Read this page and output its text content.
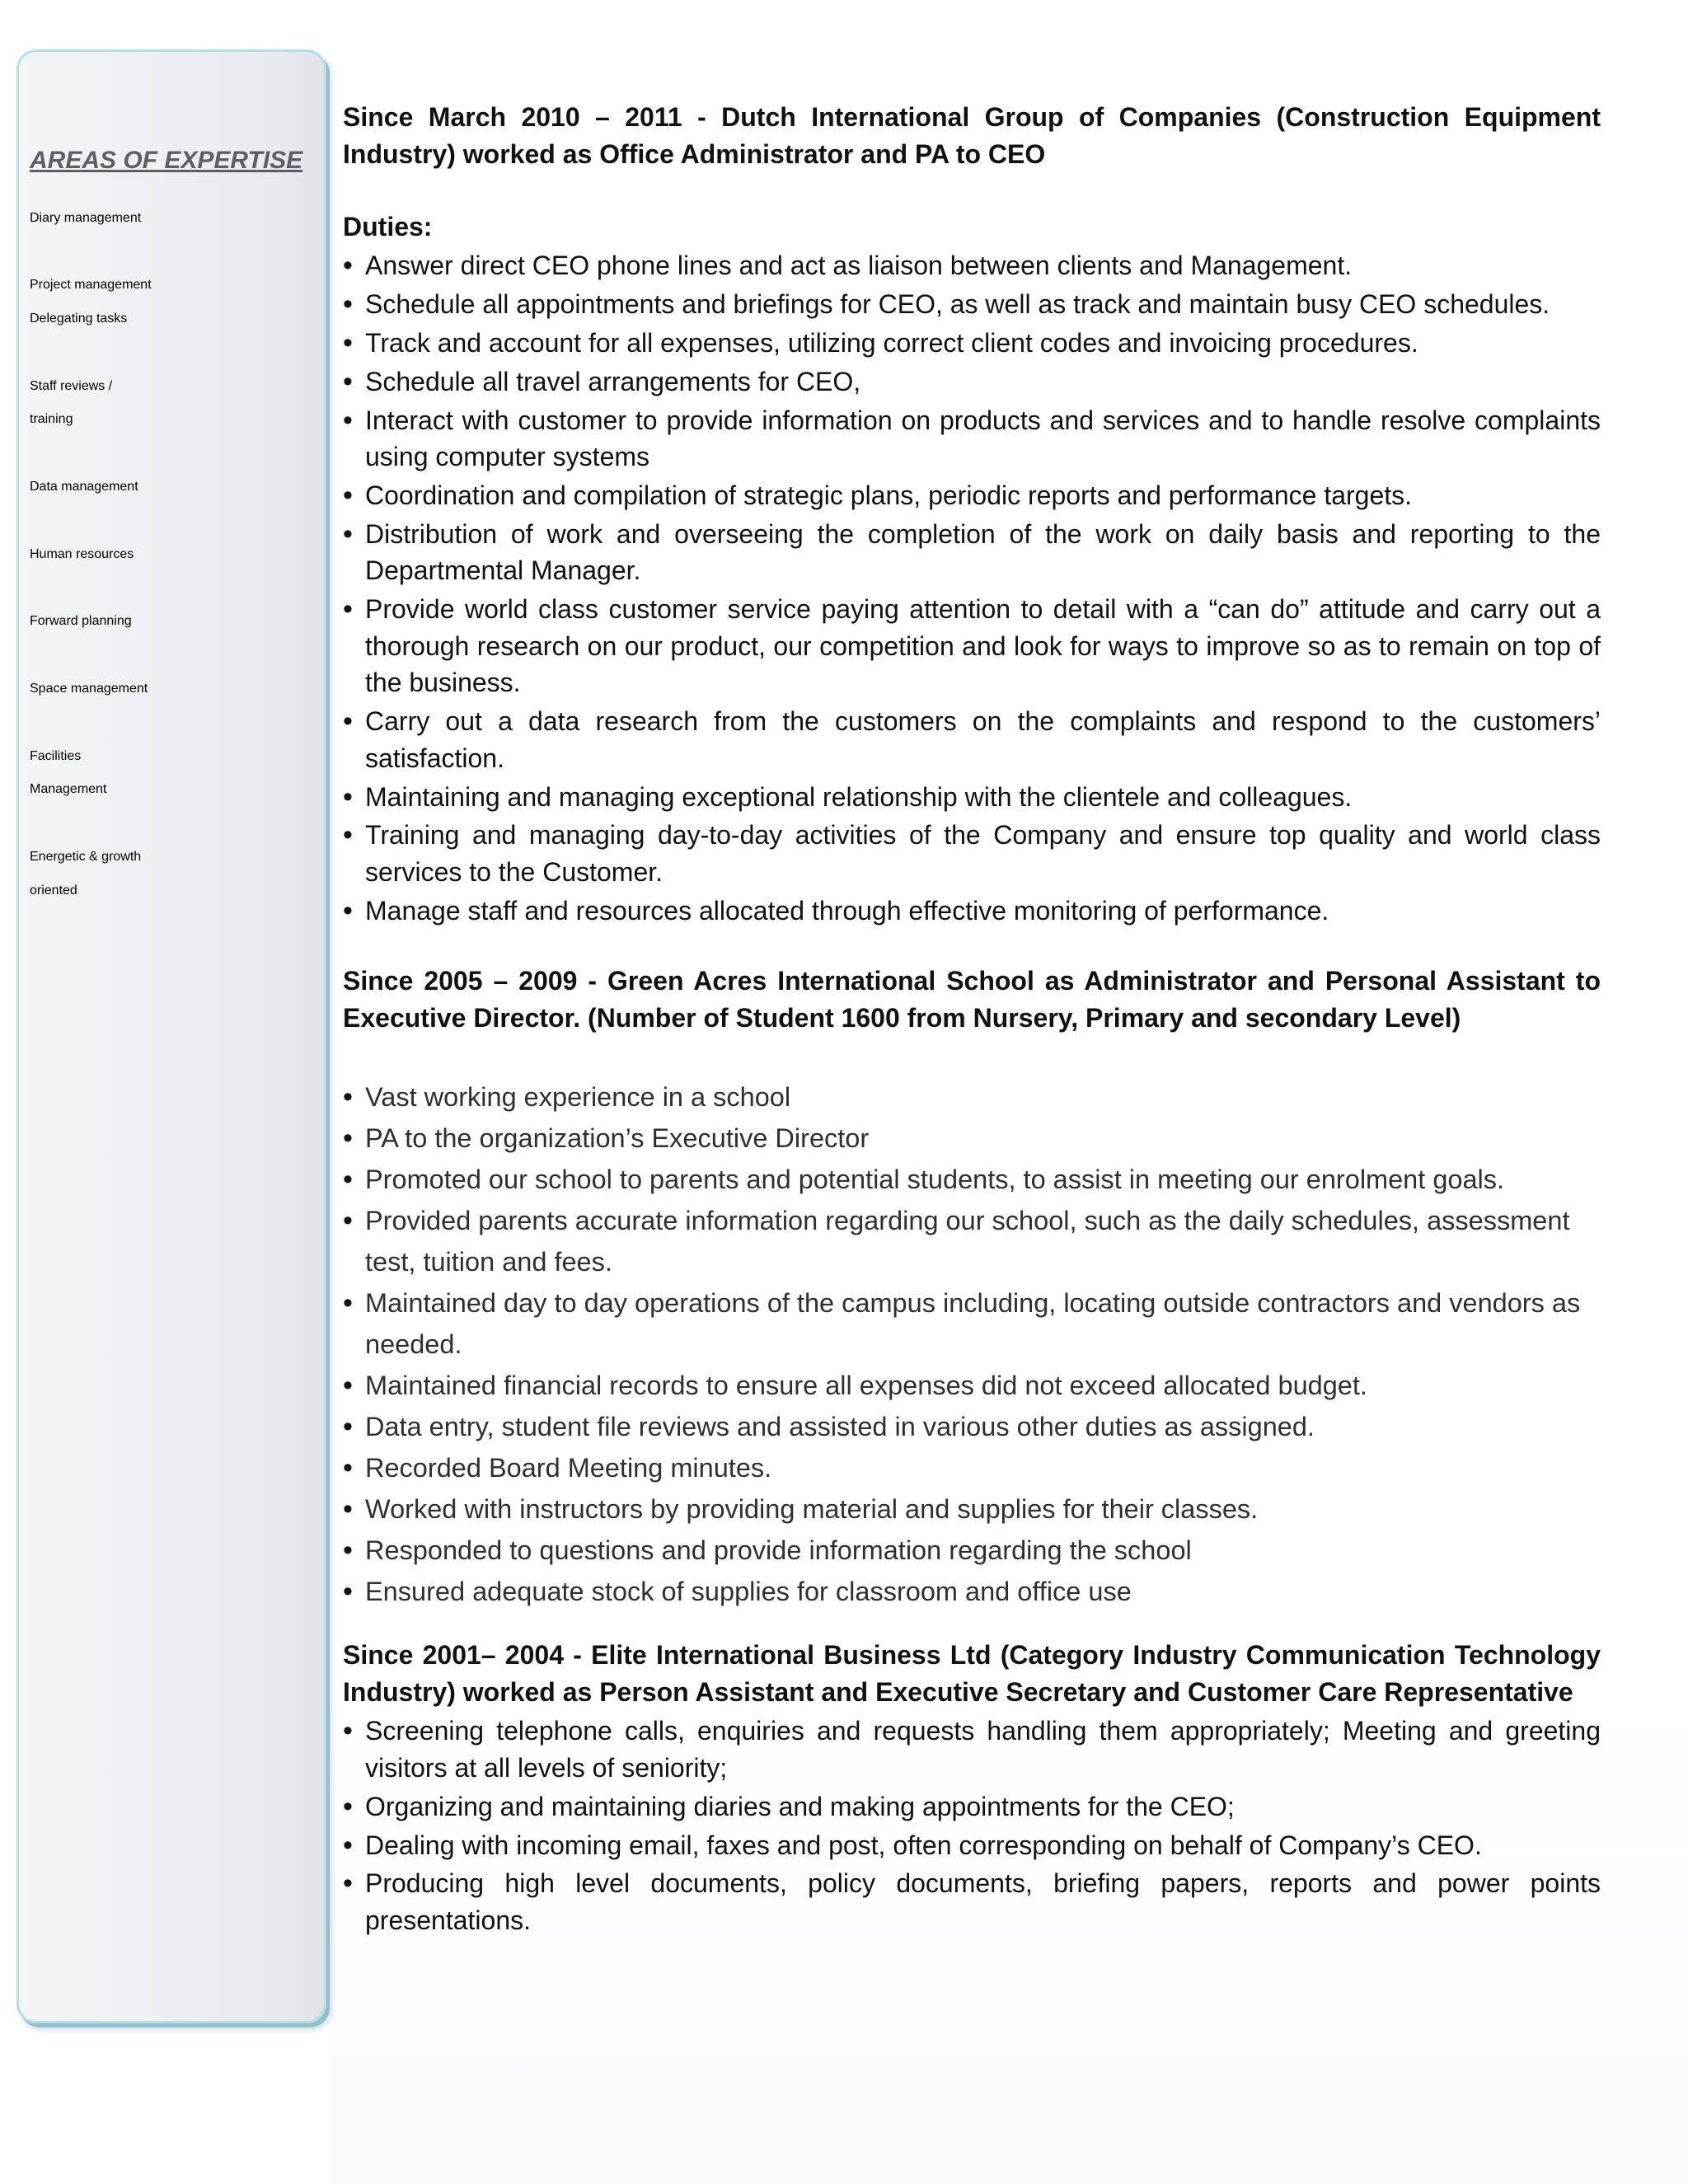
AREAS OF EXPERTISE
Diary management
Project management
Delegating tasks
Staff reviews /
training
Data management
Human resources
Forward planning
Space management
Facilities
Management
Energetic & growth
oriented

Since March 2010 – 2011 - Dutch International Group of Companies (Construction Equipment Industry) worked as Office Administrator and PA to CEO

Duties:
• Answer direct CEO phone lines and act as liaison between clients and Management.
• Schedule all appointments and briefings for CEO, as well as track and maintain busy CEO schedules.
• Track and account for all expenses, utilizing correct client codes and invoicing procedures.
• Schedule all travel arrangements for CEO,
• Interact with customer to provide information on products and services and to handle resolve complaints using computer systems
• Coordination and compilation of strategic plans, periodic reports and performance targets.
• Distribution of work and overseeing the completion of the work on daily basis and reporting to the Departmental Manager.
• Provide world class customer service paying attention to detail with a “can do” attitude and carry out a thorough research on our product, our competition and look for ways to improve so as to remain on top of the business.
• Carry out a data research from the customers on the complaints and respond to the customers’ satisfaction.
• Maintaining and managing exceptional relationship with the clientele and colleagues.
• Training and managing day-to-day activities of the Company and ensure top quality and world class services to the Customer.
• Manage staff and resources allocated through effective monitoring of performance.

Since 2005 – 2009 - Green Acres International School as Administrator and Personal Assistant to Executive Director. (Number of Student 1600 from Nursery, Primary and secondary Level)

• Vast working experience in a school
• PA to the organization’s Executive Director
• Promoted our school to parents and potential students, to assist in meeting our enrolment goals.
• Provided parents accurate information regarding our school, such as the daily schedules, assessment test, tuition and fees.
• Maintained day to day operations of the campus including, locating outside contractors and vendors as needed.
• Maintained financial records to ensure all expenses did not exceed allocated budget.
• Data entry, student file reviews and assisted in various other duties as assigned.
• Recorded Board Meeting minutes.
• Worked with instructors by providing material and supplies for their classes.
• Responded to questions and provide information regarding the school
• Ensured adequate stock of supplies for classroom and office use

Since 2001– 2004 - Elite International Business Ltd (Category Industry Communication Technology Industry) worked as Person Assistant and Executive Secretary and Customer Care Representative

• Screening telephone calls, enquiries and requests handling them appropriately; Meeting and greeting visitors at all levels of seniority;
• Organizing and maintaining diaries and making appointments for the CEO;
• Dealing with incoming email, faxes and post, often corresponding on behalf of Company’s CEO.
• Producing high level documents, policy documents, briefing papers, reports and power points presentations.
